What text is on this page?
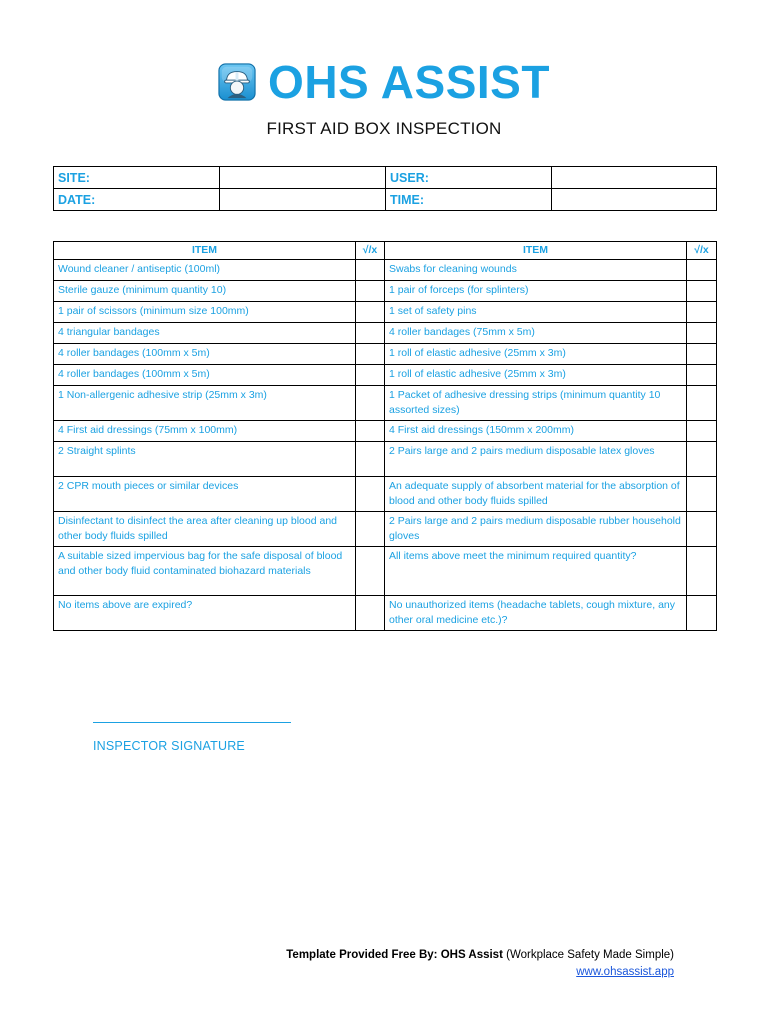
OHS ASSIST
FIRST AID BOX INSPECTION
SITE:		USER:	
DATE:		TIME:	
ITEM	√/x	ITEM	√/x
Wound cleaner / antiseptic (100ml)		Swabs for cleaning wounds	
Sterile gauze (minimum quantity 10)		1 pair of forceps (for splinters)	
1 pair of scissors (minimum size 100mm)		1 set of safety pins	
4 triangular bandages		4 roller bandages (75mm x 5m)	
4 roller bandages (100mm x 5m)		1 roll of elastic adhesive (25mm x 3m)	
4 roller bandages (100mm x 5m)		1 roll of elastic adhesive (25mm x 3m)	
1 Non-allergenic adhesive strip (25mm x 3m)		1 Packet of adhesive dressing strips (minimum quantity 10 assorted sizes)	
4 First aid dressings (75mm x 100mm)		4 First aid dressings (150mm x 200mm)	
2 Straight splints		2 Pairs large and 2 pairs medium disposable latex gloves	
2 CPR mouth pieces or similar devices		An adequate supply of absorbent material for the absorption of blood and other body fluids spilled	
Disinfectant to disinfect the area after cleaning up blood and other body fluids spilled		2 Pairs large and 2 pairs medium disposable rubber household gloves	
A suitable sized impervious bag for the safe disposal of blood and other body fluid contaminated biohazard materials		All items above meet the minimum required quantity?	
No items above are expired?		No unauthorized items (headache tablets, cough mixture, any other oral medicine etc.)?	
INSPECTOR SIGNATURE
Template Provided Free By: OHS Assist (Workplace Safety Made Simple)
www.ohsassist.app
